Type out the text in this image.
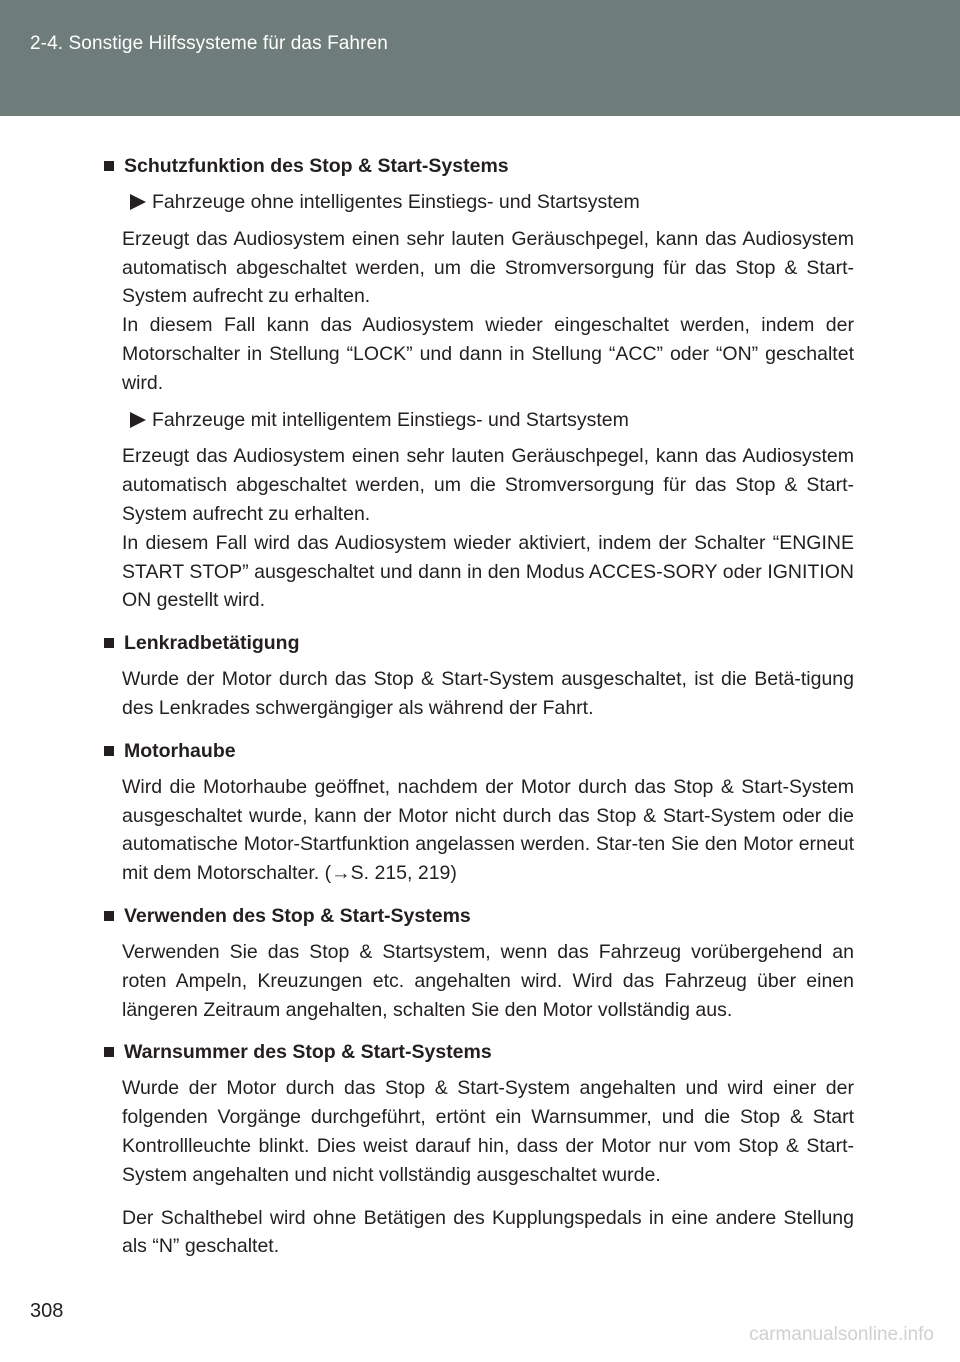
2-4. Sonstige Hilfssysteme für das Fahren
Schutzfunktion des Stop & Start-Systems
Fahrzeuge ohne intelligentes Einstiegs- und Startsystem
Erzeugt das Audiosystem einen sehr lauten Geräuschpegel, kann das Audiosystem automatisch abgeschaltet werden, um die Stromversorgung für das Stop & Start-System aufrecht zu erhalten.
In diesem Fall kann das Audiosystem wieder eingeschaltet werden, indem der Motorschalter in Stellung “LOCK” und dann in Stellung “ACC” oder “ON” geschaltet wird.
Fahrzeuge mit intelligentem Einstiegs- und Startsystem
Erzeugt das Audiosystem einen sehr lauten Geräuschpegel, kann das Audiosystem automatisch abgeschaltet werden, um die Stromversorgung für das Stop & Start-System aufrecht zu erhalten.
In diesem Fall wird das Audiosystem wieder aktiviert, indem der Schalter “ENGINE START STOP” ausgeschaltet und dann in den Modus ACCES-SORY oder IGNITION ON gestellt wird.
Lenkradbetätigung
Wurde der Motor durch das Stop & Start-System ausgeschaltet, ist die Betä-tigung des Lenkrades schwergängiger als während der Fahrt.
Motorhaube
Wird die Motorhaube geöffnet, nachdem der Motor durch das Stop & Start-System ausgeschaltet wurde, kann der Motor nicht durch das Stop & Start-System oder die automatische Motor-Startfunktion angelassen werden. Star-ten Sie den Motor erneut mit dem Motorschalter. (→S. 215, 219)
Verwenden des Stop & Start-Systems
Verwenden Sie das Stop & Startsystem, wenn das Fahrzeug vorübergehend an roten Ampeln, Kreuzungen etc. angehalten wird. Wird das Fahrzeug über einen längeren Zeitraum angehalten, schalten Sie den Motor vollständig aus.
Warnsummer des Stop & Start-Systems
Wurde der Motor durch das Stop & Start-System angehalten und wird einer der folgenden Vorgänge durchgeführt, ertönt ein Warnsummer, und die Stop & Start Kontrollleuchte blinkt. Dies weist darauf hin, dass der Motor nur vom Stop & Start-System angehalten und nicht vollständig ausgeschaltet wurde.
Der Schalthebel wird ohne Betätigen des Kupplungspedals in eine andere Stellung als “N” geschaltet.
308
carmanualsonline.info
